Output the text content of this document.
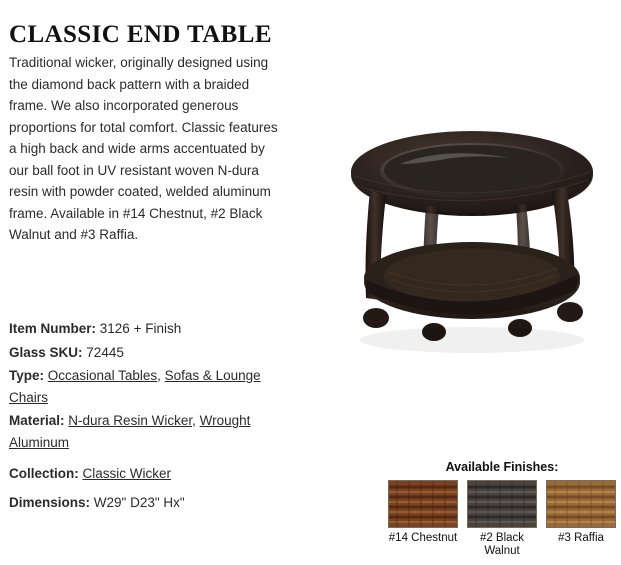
CLASSIC END TABLE
Traditional wicker, originally designed using the diamond back pattern with a braided frame. We also incorporated generous proportions for total comfort. Classic features a high back and wide arms accentuated by our ball foot in UV resistant woven N-dura resin with powder coated, welded aluminum frame. Available in #14 Chestnut, #2 Black Walnut and #3 Raffia.
Item Number: 3126 + Finish
Glass SKU: 72445
Type: Occasional Tables, Sofas & Lounge Chairs
Material: N-dura Resin Wicker, Wrought Aluminum
Collection: Classic Wicker
Dimensions: W29" D23" Hx"
Available Finishes:
#14 Chestnut	#2 Black Walnut
#3 Raffia
